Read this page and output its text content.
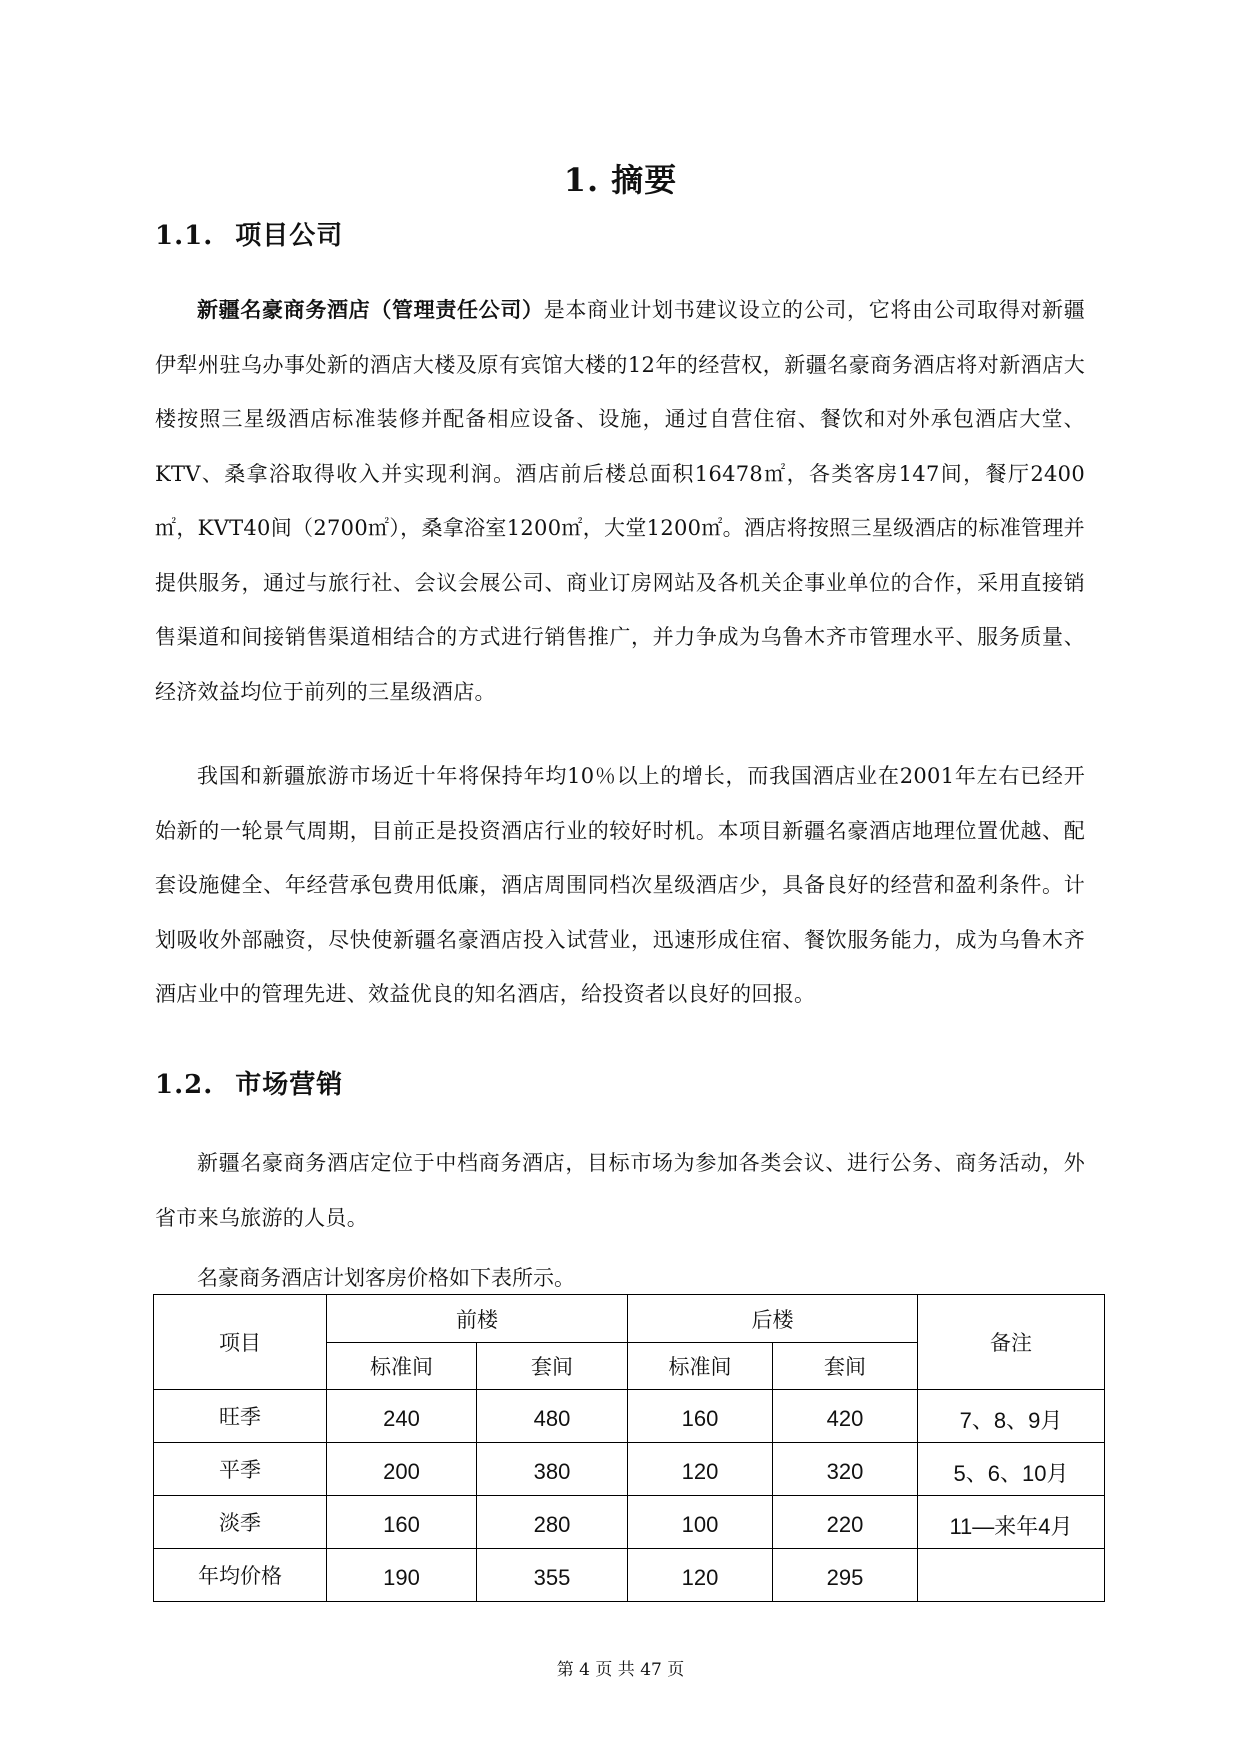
1. 摘要
1.1. 项目公司

新疆名豪商务酒店（管理责任公司）是本商业计划书建议设立的公司，它将由公司取得对新疆伊犁州驻乌办事处新的酒店大楼及原有宾馆大楼的12年的经营权，新疆名豪商务酒店将对新酒店大楼按照三星级酒店标准装修并配备相应设备、设施，通过自营住宿、餐饮和对外承包酒店大堂、KTV、桑拿浴取得收入并实现利润。酒店前后楼总面积16478㎡，各类客房147间，餐厅2400㎡，KVT40间（2700㎡），桑拿浴室1200㎡，大堂1200㎡。酒店将按照三星级酒店的标准管理并提供服务，通过与旅行社、会议会展公司、商业订房网站及各机关企事业单位的合作，采用直接销售渠道和间接销售渠道相结合的方式进行销售推广，并力争成为乌鲁木齐市管理水平、服务质量、经济效益均位于前列的三星级酒店。

我国和新疆旅游市场近十年将保持年均10％以上的增长，而我国酒店业在2001年左右已经开始新的一轮景气周期，目前正是投资酒店行业的较好时机。本项目新疆名豪酒店地理位置优越、配套设施健全、年经营承包费用低廉，酒店周围同档次星级酒店少，具备良好的经营和盈利条件。计划吸收外部融资，尽快使新疆名豪酒店投入试营业，迅速形成住宿、餐饮服务能力，成为乌鲁木齐酒店业中的管理先进、效益优良的知名酒店，给投资者以良好的回报。

1.2. 市场营销

新疆名豪商务酒店定位于中档商务酒店，目标市场为参加各类会议、进行公务、商务活动，外省市来乌旅游的人员。

名豪商务酒店计划客房价格如下表所示。
项目	前楼		后楼		备注
	标准间	套间	标准间	套间	
旺季	240	480	160	420	7、8、9月
平季	200	380	120	320	5、6、10月
淡季	160	280	100	220	11—来年4月
年均价格	190	355	120	295	
第 4 页 共 47 页
